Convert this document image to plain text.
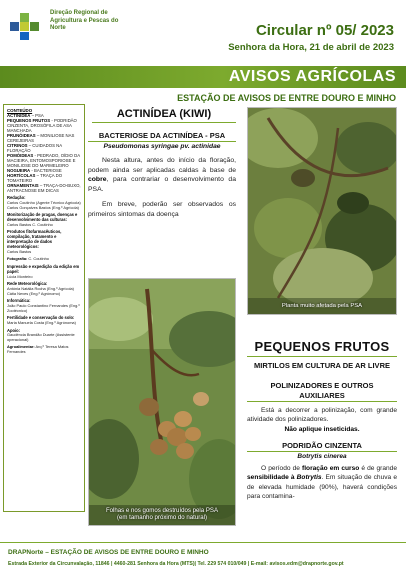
Direção Regional de Agricultura e Pescas do Norte	Circular nº 05/ 2023
Senhora da Hora, 21 de abril de 2023
AVISOS AGRÍCOLAS
ESTAÇÃO DE AVISOS DE ENTRE DOURO E MINHO
CONTEÚDO
ACTINÍDEA – PSA
PEQUENOS FRUTOS - PODRIDÃO CINZENTA, DROSÓFILA DE ASA MANCHADA
PRUNÓIDEAS – MONILIOSE NAS CEREJEIRAS
CITRINOS – CUIDADOS NA FLORAÇÃO
POMÓIDEAS - PEDRADO, OÍDIO DA MACIEIRA, ENTOMOSPORIOSE E MONILIOSE DO MARMELEIRO
NOGUEIRA - BACTERIOSE
HORTÍCOLAS – TRAÇA DO TOMATEIRO
ORNAMENTAIS – TRAÇA-DO-BUXO, ANTRACNOSE EM DICAS
Redação:
Carlos Coutinho (Agente Técnico Agrícola) Carlos Gonçalves Bastos (Eng.º Agrícola)
Monitorização de pragas, doenças e desenvolvimento das culturas:
Carlos Bastos C. Coutinho
Produtos fitofarmacêuticos, compilação, tratamento e interpretação de dados meteorológicos:
Carlos Bastos
Fotografia: C. Coutinho
Impressão e expedição da edição em papel:
Lúcia Monteiro
Rede Meteorológica:
Antónia Natália Rocha (Eng.º Agrícola) Cátia Neves (Eng.º Agrónomo)
Informática:
João Paulo Constantino Fernandes (Eng.º Zootécnico)
Fertilidade e conservação do solo:
Maria Manuela Costa (Eng.º Agrónoma)
Apoio:
Gaudéncia Brandão Duarte (Assistente operacional)
Agroalimentar: Arq.º Teresa Matos Fernandes
ACTINÍDEA (KIWI)
BACTERIOSE DA ACTINÍDEA - PSA
Pseudomonas syringae pv. actinidae

Nesta altura, antes do início da floração, podem ainda ser aplicadas caldas à base de cobre, para contrariar o desenvolvimento da PSA.

Em breve, poderão ser observados os primeiros sintomas da doença

Folhas e nos gomos destruídos pela PSA
(em tamanho próximo do natural)
Planta muito afetada pela PSA
PEQUENOS FRUTOS
MIRTILOS EM CULTURA DE AR LIVRE
POLINIZADORES E OUTROS AUXILIARES

Está a decorrer a polinização, com grande atividade dos polinizadores.

Não aplique inseticidas.
PODRIDÃO CINZENTA
Botrytis cinerea

O período de floração em curso é de grande sensibilidade à Botrytis. Em situação de chuva e de elevada humidade (90%), haverá condições para contamina-

DRAPNorte – ESTAÇÃO DE AVISOS DE ENTRE DOURO E MINHO
Estrada Exterior da Circunvalação, 11846 | 4460-281 Senhora da Hora (MTS)| Tel. 229 574 010/049 | E-mail: avisos.edm@drapnorte.gov.pt
